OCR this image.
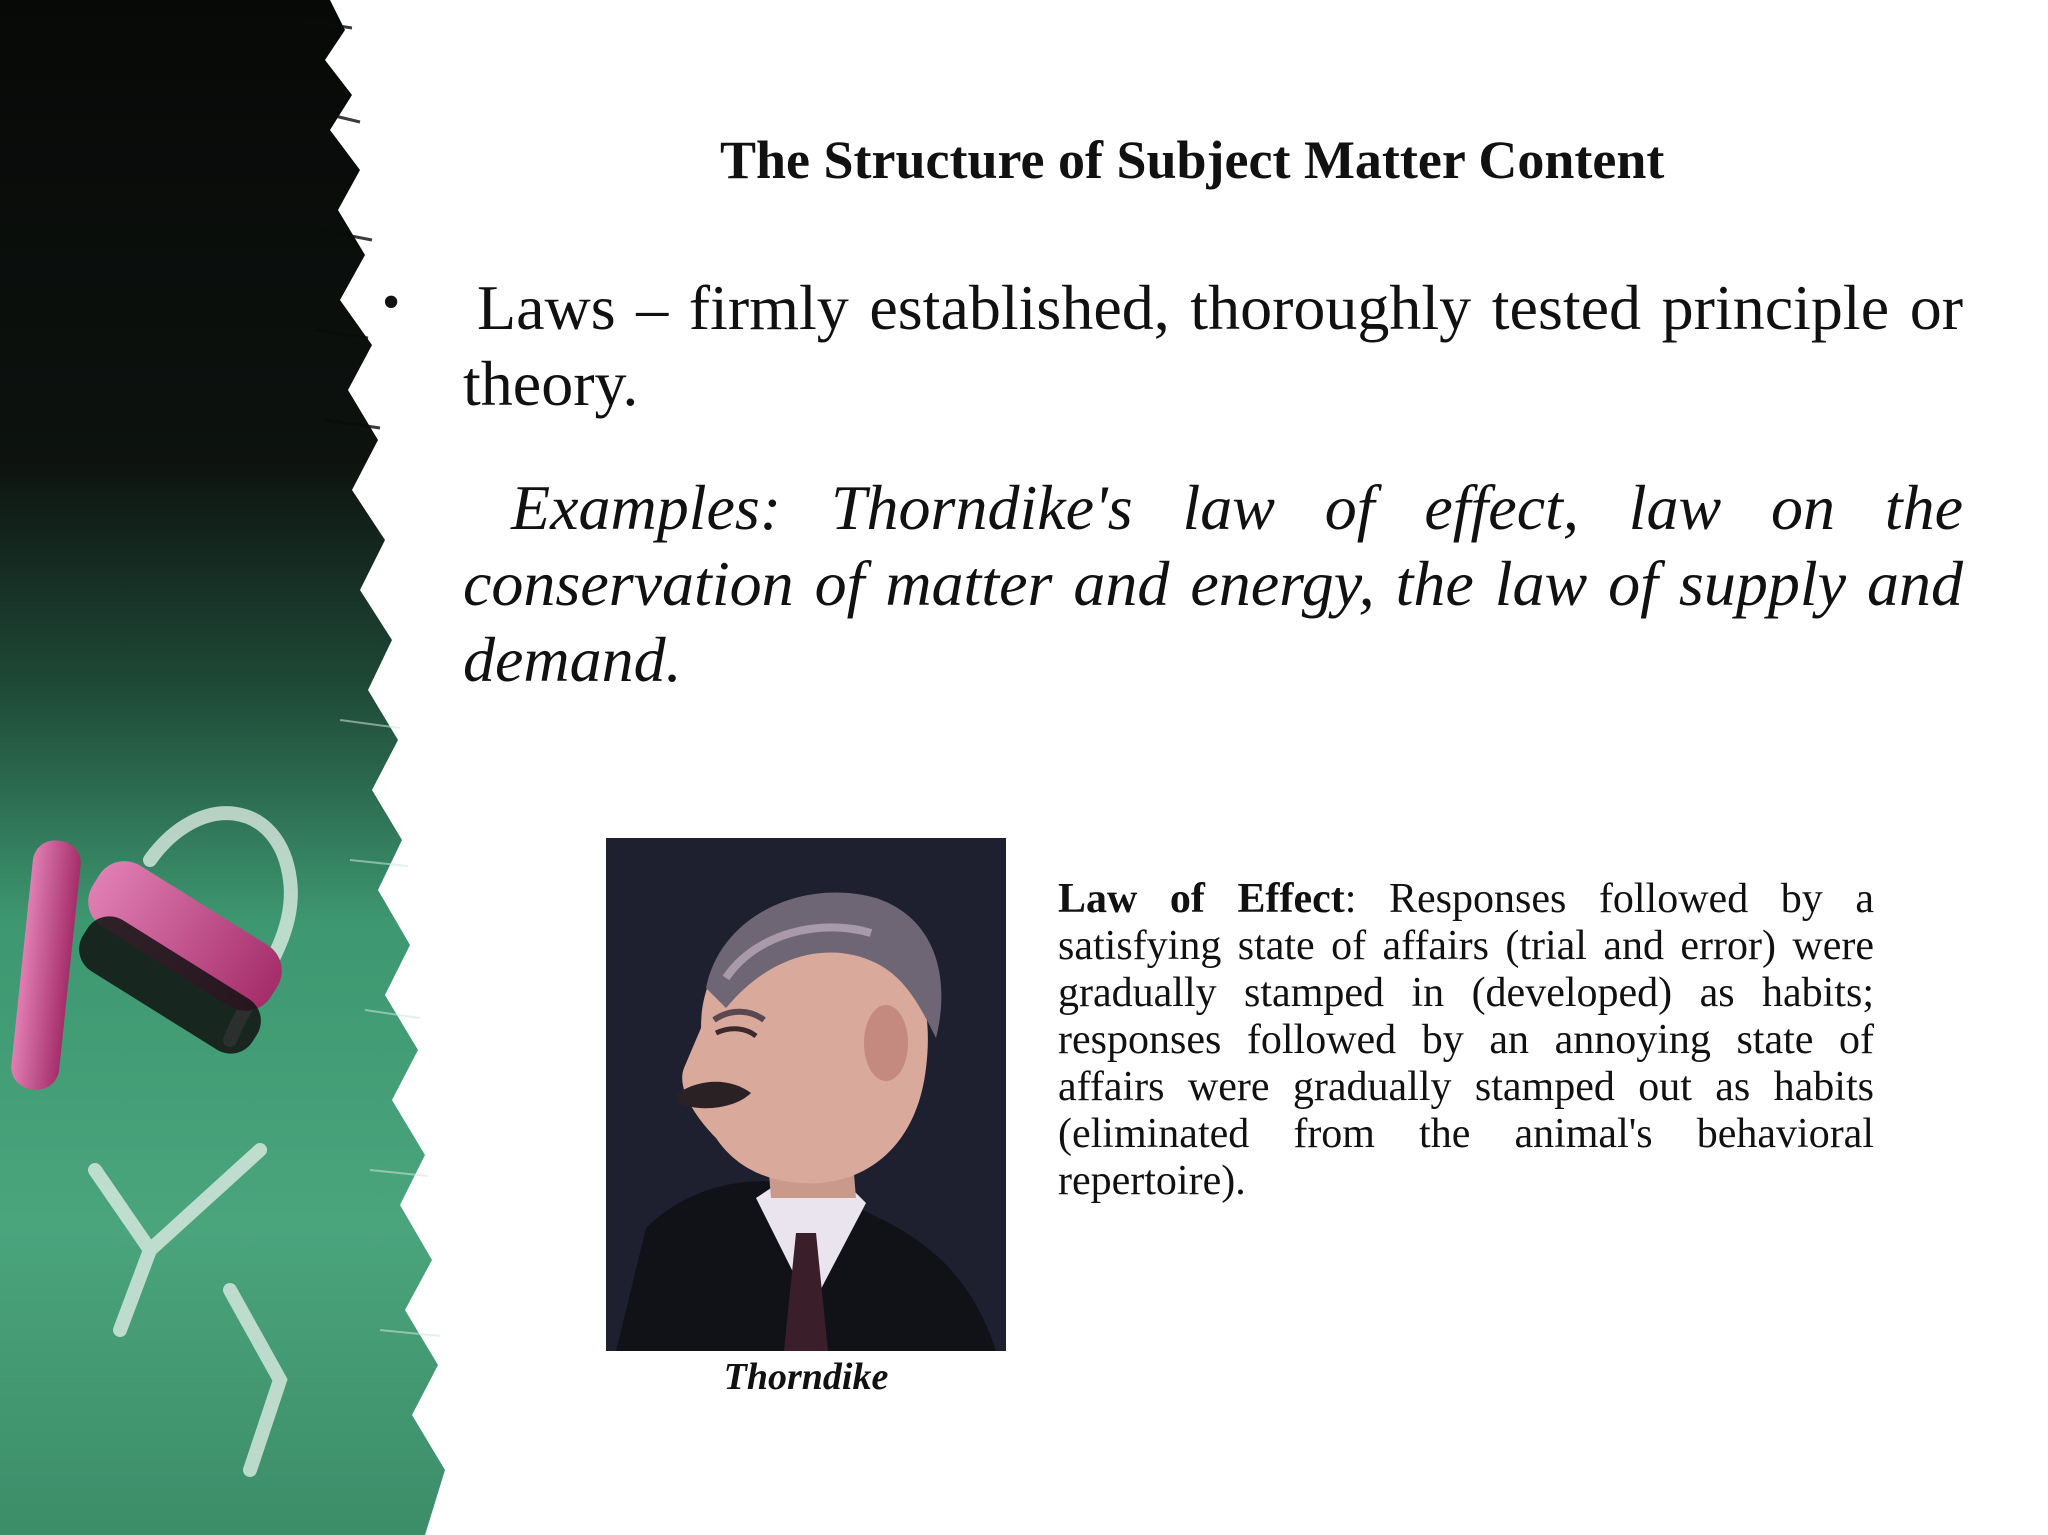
The Structure of Subject Matter Content
• Laws – firmly established, thoroughly tested principle or theory.
Examples: Thorndike's law of effect, law on the conservation of matter and energy, the law of supply and demand.
Thorndike
Law of Effect: Responses followed by a satisfying state of affairs (trial and error) were gradually stamped in (developed) as habits; responses followed by an annoying state of affairs were gradually stamped out as habits (eliminated from the animal's behavioral repertoire).
